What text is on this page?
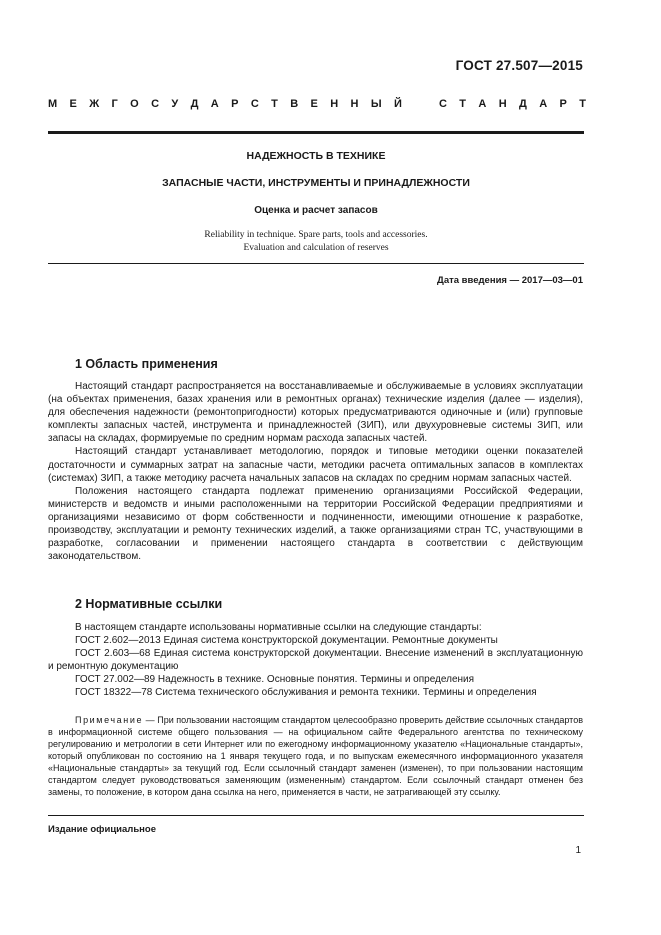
ГОСТ 27.507—2015
М Е Ж Г О С У Д А Р С Т В Е Н Н Ы Й	С Т А Н Д А Р Т
НАДЕЖНОСТЬ В ТЕХНИКЕ
ЗАПАСНЫЕ ЧАСТИ, ИНСТРУМЕНТЫ И ПРИНАДЛЕЖНОСТИ
Оценка и расчет запасов
Reliability in technique. Spare parts, tools and accessories.
Evaluation and calculation of reserves
Дата введения — 2017—03—01
1 Область применения

Настоящий стандарт распространяется на восстанавливаемые и обслуживаемые в условиях эксплуатации (на объектах применения, базах хранения или в ремонтных органах) технические изделия (далее — изделия), для обеспечения надежности (ремонтопригодности) которых предусматриваются одиночные и (или) групповые комплекты запасных частей, инструмента и принадлежностей (ЗИП), или двухуровневые системы ЗИП, или запасы на складах, формируемые по средним нормам расхода запасных частей.

Настоящий стандарт устанавливает методологию, порядок и типовые методики оценки показателей достаточности и суммарных затрат на запасные части, методики расчета оптимальных запасов в комплектах (системах) ЗИП, а также методику расчета начальных запасов на складах по средним нормам запасных частей.

Положения настоящего стандарта подлежат применению организациями Российской Федерации, министерств и ведомств и иными расположенными на территории Российской Федерации предприятиями и организациями независимо от форм собственности и подчиненности, имеющими отношение к разработке, производству, эксплуатации и ремонту технических изделий, а также организациями стран ТС, участвующими в разработке, согласовании и применении настоящего стандарта в соответствии с действующим законодательством.

2 Нормативные ссылки

В настоящем стандарте использованы нормативные ссылки на следующие стандарты:

ГОСТ 2.602—2013 Единая система конструкторской документации. Ремонтные документы

ГОСТ 2.603—68 Единая система конструкторской документации. Внесение изменений в эксплуатационную и ремонтную документацию

ГОСТ 27.002—89 Надежность в технике. Основные понятия. Термины и определения

ГОСТ 18322—78 Система технического обслуживания и ремонта техники. Термины и определения

Примечание — При пользовании настоящим стандартом целесообразно проверить действие ссылочных стандартов в информационной системе общего пользования — на официальном сайте Федерального агентства по техническому регулированию и метрологии в сети Интернет или по ежегодному информационному указателю «Национальные стандарты», который опубликован по состоянию на 1 января текущего года, и по выпускам ежемесячного информационного указателя «Национальные стандарты» за текущий год. Если ссылочный стандарт заменен (изменен), то при пользовании настоящим стандартом следует руководствоваться заменяющим (измененным) стандартом. Если ссылочный стандарт отменен без замены, то положение, в котором дана ссылка на него, применяется в части, не затрагивающей эту ссылку.

Издание официальное
1
